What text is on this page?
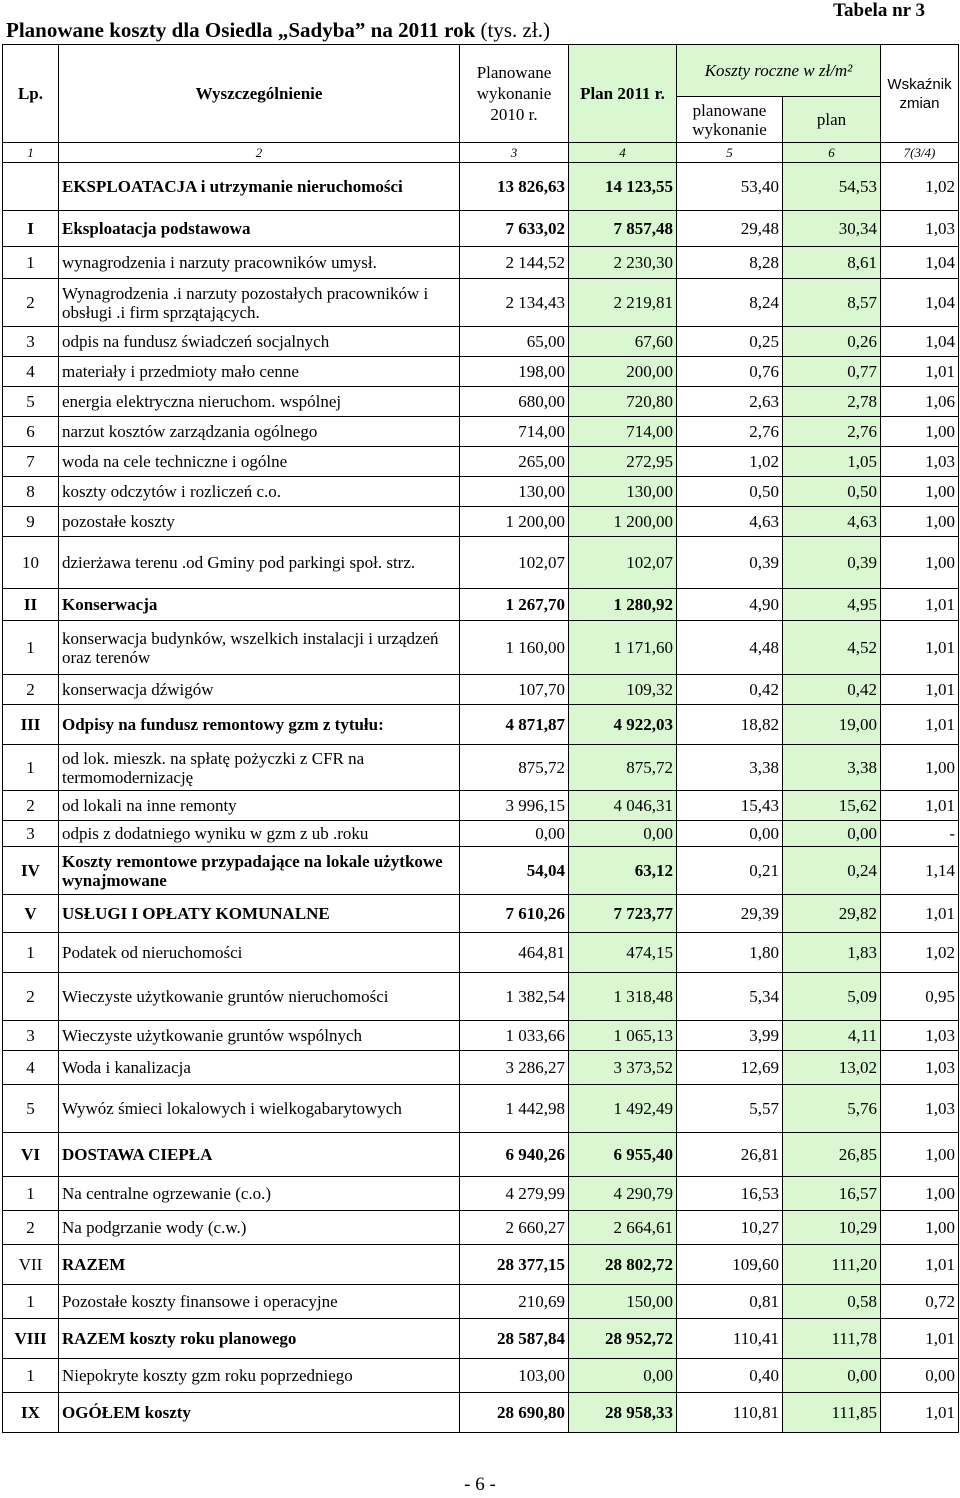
Planowane koszty dla Osiedla „Sadyba” na 2011 rok (tys. zł.)
Tabela nr 3
Lp.	Wyszczególnienie	Planowane wykonanie 2010 r.	Plan 2011 r.	Koszty roczne w zł/m²		Wskaźnik zmian
				planowane wykonanie	plan	
1	2	3	4	5	6	7(3/4)
	EKSPLOATACJA i utrzymanie nieruchomości	13 826,63	14 123,55	53,40	54,53	1,02
I	Eksploatacja podstawowa	7 633,02	7 857,48	29,48	30,34	1,03
1	wynagrodzenia i narzuty pracowników umysł.	2 144,52	2 230,30	8,28	8,61	1,04
2	Wynagrodzenia .i narzuty pozostałych pracowników i obsługi .i firm sprzątających.	2 134,43	2 219,81	8,24	8,57	1,04
3	odpis na fundusz świadczeń socjalnych	65,00	67,60	0,25	0,26	1,04
4	materiały i przedmioty mało cenne	198,00	200,00	0,76	0,77	1,01
5	energia elektryczna nieruchom. wspólnej	680,00	720,80	2,63	2,78	1,06
6	narzut kosztów zarządzania ogólnego	714,00	714,00	2,76	2,76	1,00
7	woda na cele techniczne i ogólne	265,00	272,95	1,02	1,05	1,03
8	koszty odczytów i rozliczeń c.o.	130,00	130,00	0,50	0,50	1,00
9	pozostałe koszty	1 200,00	1 200,00	4,63	4,63	1,00
10	dzierżawa terenu .od Gminy pod parkingi społ. strz.	102,07	102,07	0,39	0,39	1,00
II	Konserwacja	1 267,70	1 280,92	4,90	4,95	1,01
1	konserwacja budynków, wszelkich instalacji i urządzeń oraz terenów	1 160,00	1 171,60	4,48	4,52	1,01
2	konserwacja dźwigów	107,70	109,32	0,42	0,42	1,01
III	Odpisy na fundusz remontowy gzm z tytułu:	4 871,87	4 922,03	18,82	19,00	1,01
1	od lok. mieszk. na spłatę pożyczki z CFR na termomodernizację	875,72	875,72	3,38	3,38	1,00
2	od lokali na inne remonty	3 996,15	4 046,31	15,43	15,62	1,01
3	odpis z dodatniego wyniku w gzm z ub .roku	0,00	0,00	0,00	0,00	-
IV	Koszty remontowe przypadające na lokale użytkowe wynajmowane	54,04	63,12	0,21	0,24	1,14
V	USŁUGI I OPŁATY KOMUNALNE	7 610,26	7 723,77	29,39	29,82	1,01
1	Podatek od nieruchomości	464,81	474,15	1,80	1,83	1,02
2	Wieczyste użytkowanie gruntów nieruchomości	1 382,54	1 318,48	5,34	5,09	0,95
3	Wieczyste użytkowanie gruntów wspólnych	1 033,66	1 065,13	3,99	4,11	1,03
4	Woda i kanalizacja	3 286,27	3 373,52	12,69	13,02	1,03
5	Wywóz śmieci lokalowych i wielkogabarytowych	1 442,98	1 492,49	5,57	5,76	1,03
VI	DOSTAWA CIEPŁA	6 940,26	6 955,40	26,81	26,85	1,00
1	Na centralne ogrzewanie (c.o.)	4 279,99	4 290,79	16,53	16,57	1,00
2	Na podgrzanie wody (c.w.)	2 660,27	2 664,61	10,27	10,29	1,00
VII	RAZEM	28 377,15	28 802,72	109,60	111,20	1,01
1	Pozostałe koszty finansowe i operacyjne	210,69	150,00	0,81	0,58	0,72
VIII	RAZEM koszty roku planowego	28 587,84	28 952,72	110,41	111,78	1,01
1	Niepokryte koszty gzm roku poprzedniego	103,00	0,00	0,40	0,00	0,00
IX	OGÓŁEM koszty	28 690,80	28 958,33	110,81	111,85	1,01
- 6 -
